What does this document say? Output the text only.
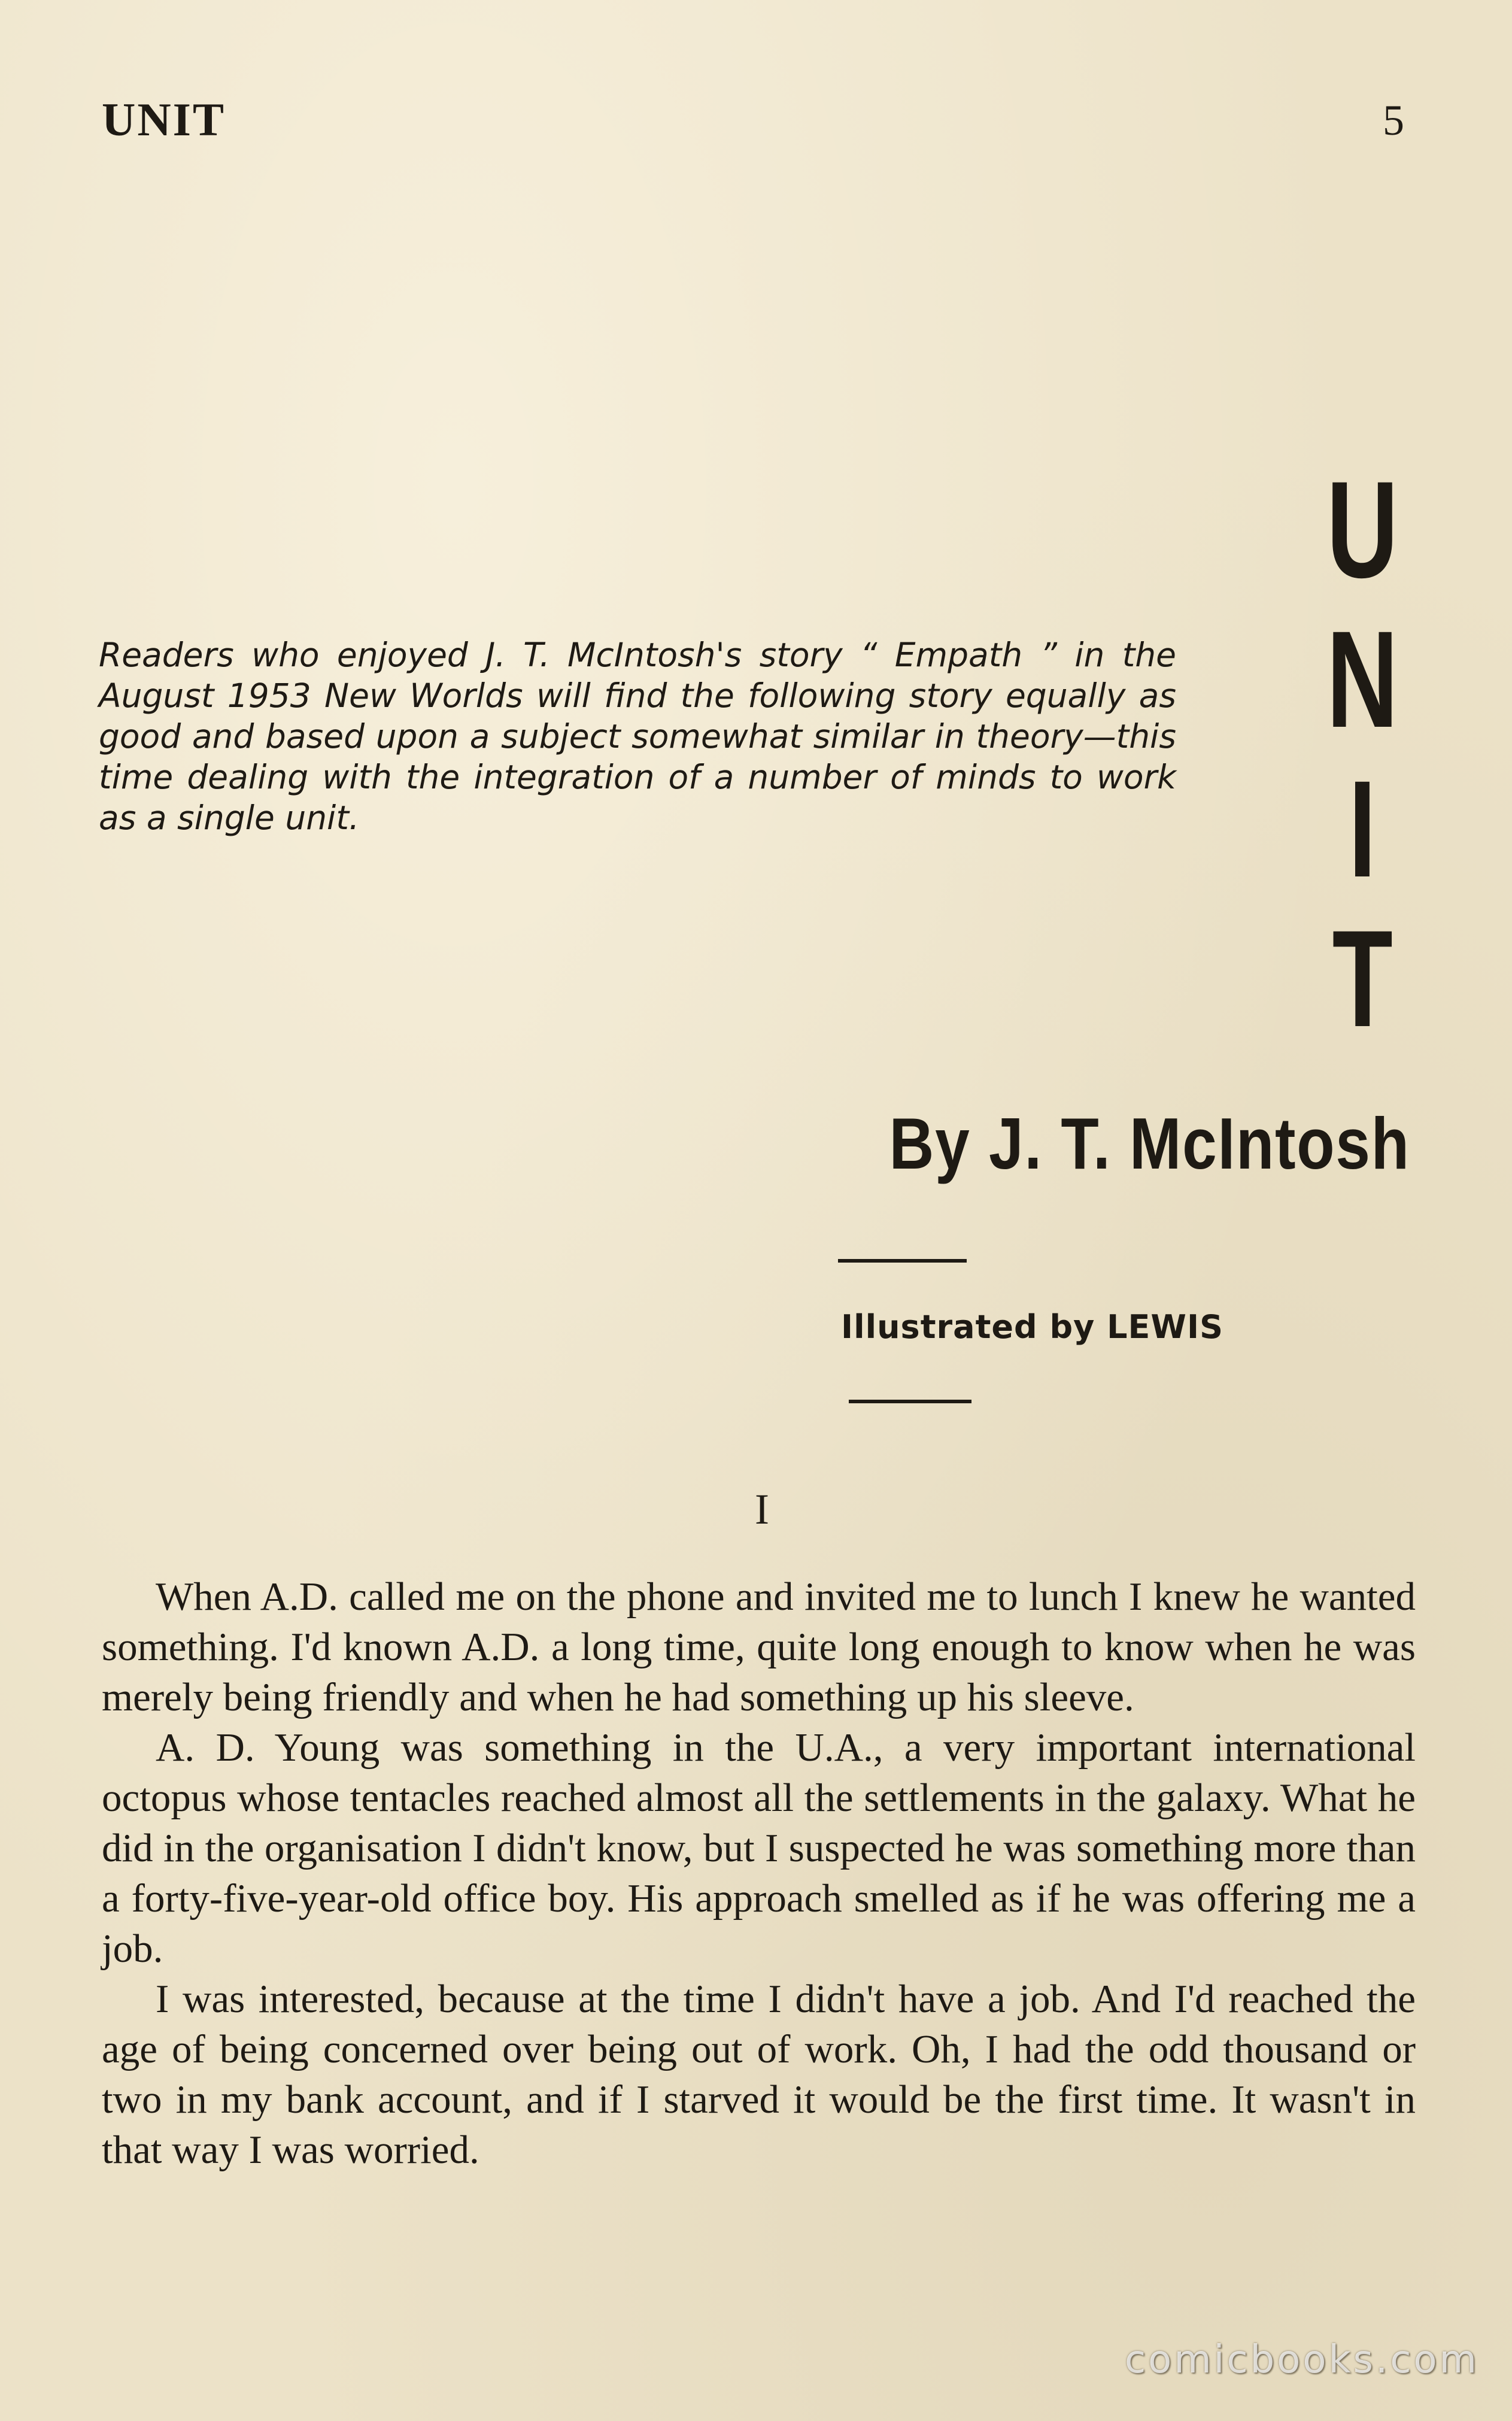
UNIT	5
U
N
I
T

Readers who enjoyed J. T. McIntosh's story “ Empath ” in the August 1953 New Worlds will find the following story equally as good and based upon a subject somewhat similar in theory—this time dealing with the integration of a number of minds to work as a single unit.

By J. T. McIntosh
Illustrated by LEWIS
I

When A.D. called me on the phone and invited me to lunch I knew he wanted something. I'd known A.D. a long time, quite long enough to know when he was merely being friendly and when he had something up his sleeve.

A. D. Young was something in the U.A., a very important international octopus whose tentacles reached almost all the settlements in the galaxy. What he did in the organisation I didn't know, but I suspected he was something more than a forty-five-year-old office boy. His approach smelled as if he was offering me a job.

I was interested, because at the time I didn't have a job. And I'd reached the age of being concerned over being out of work. Oh, I had the odd thousand or two in my bank account, and if I starved it would be the first time. It wasn't in that way I was worried.

comicbooks.com
